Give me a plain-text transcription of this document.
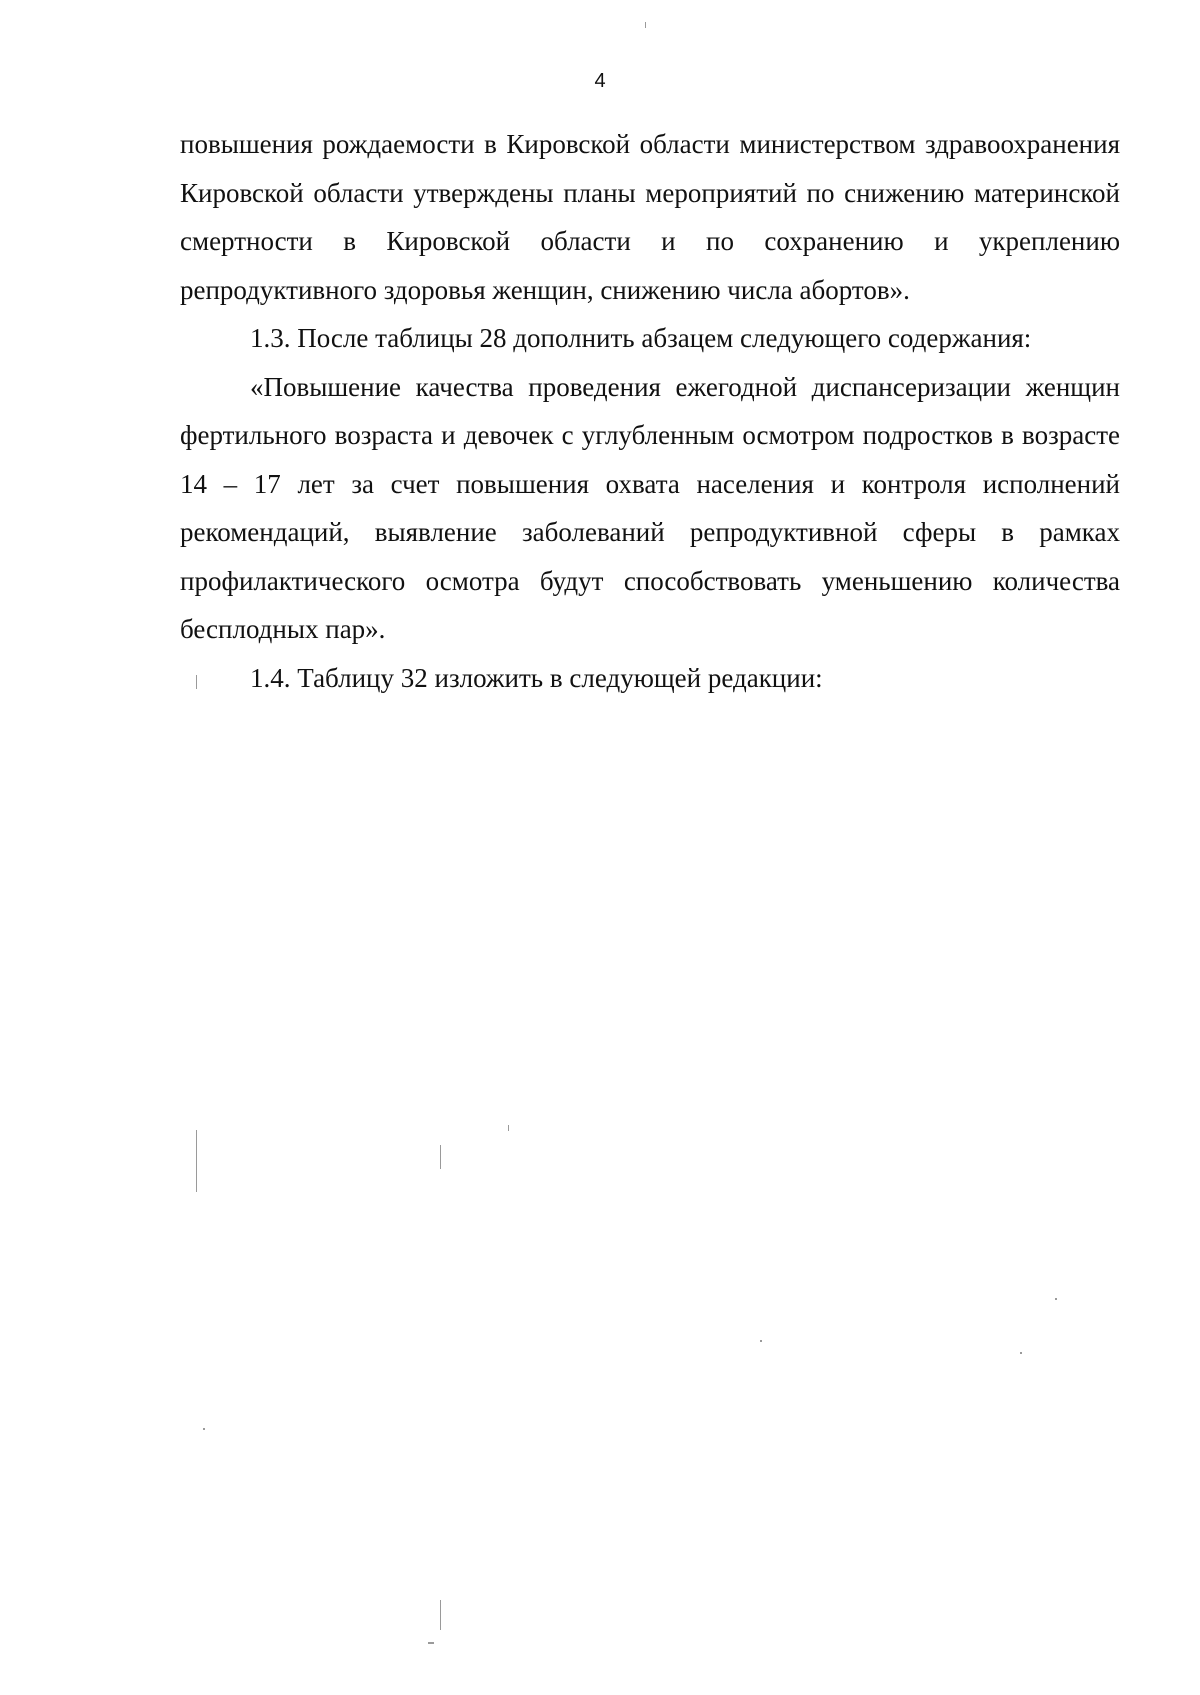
4

повышения рождаемости в Кировской области министерством здравоохранения Кировской области утверждены планы мероприятий по снижению материнской смертности в Кировской области и по сохранению и укреплению репродуктивного здоровья женщин, снижению числа абортов».

1.3. После таблицы 28 дополнить абзацем следующего содержания:

«Повышение качества проведения ежегодной диспансеризации женщин фертильного возраста и девочек с углубленным осмотром подростков в возрасте 14 – 17 лет за счет повышения охвата населения и контроля исполнений рекомендаций, выявление заболеваний репродуктивной сферы в рамках профилактического осмотра будут способствовать уменьшению количества бесплодных пар».

1.4. Таблицу 32 изложить в следующей редакции:
